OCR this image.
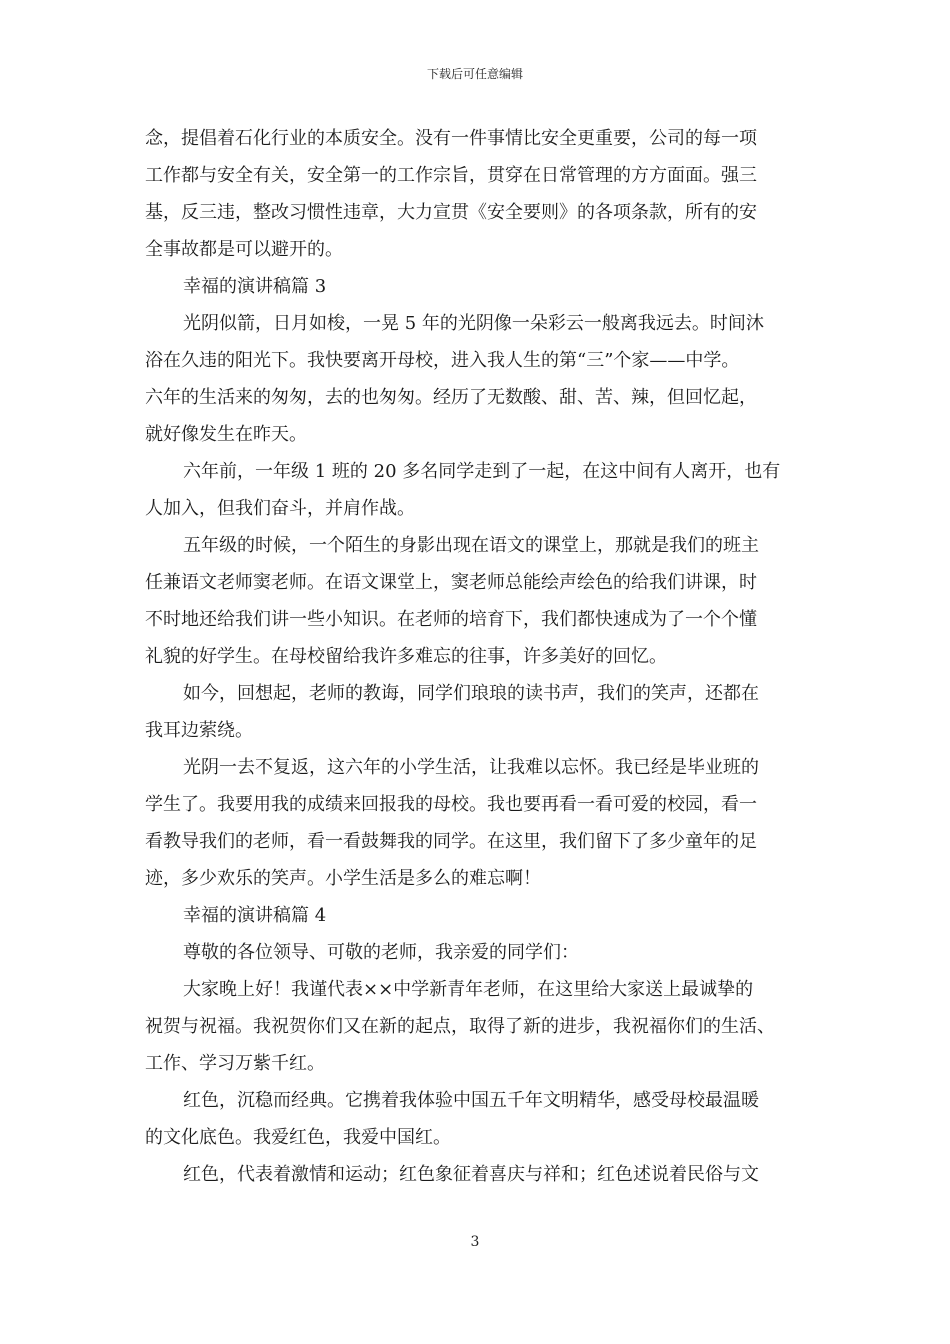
下载后可任意编辑
念，提倡着石化行业的本质安全。没有一件事情比安全更重要，公司的每一项
工作都与安全有关，安全第一的工作宗旨，贯穿在日常管理的方方面面。强三
基，反三违，整改习惯性违章，大力宣贯《安全要则》的各项条款，所有的安
全事故都是可以避开的。
幸福的演讲稿篇 3
光阴似箭，日月如梭，一晃 5 年的光阴像一朵彩云一般离我远去。时间沐
浴在久违的阳光下。我快要离开母校，进入我人生的第“三”个家——中学。
六年的生活来的匆匆，去的也匆匆。经历了无数酸、甜、苦、辣，但回忆起，
就好像发生在昨天。
六年前，一年级 1 班的 20 多名同学走到了一起，在这中间有人离开，也有
人加入，但我们奋斗，并肩作战。
五年级的时候，一个陌生的身影出现在语文的课堂上，那就是我们的班主
任兼语文老师窦老师。在语文课堂上，窦老师总能绘声绘色的给我们讲课，时
不时地还给我们讲一些小知识。在老师的培育下，我们都快速成为了一个个懂
礼貌的好学生。在母校留给我许多难忘的往事，许多美好的回忆。
如今，回想起，老师的教诲，同学们琅琅的读书声，我们的笑声，还都在
我耳边萦绕。
光阴一去不复返，这六年的小学生活，让我难以忘怀。我已经是毕业班的
学生了。我要用我的成绩来回报我的母校。我也要再看一看可爱的校园，看一
看教导我们的老师，看一看鼓舞我的同学。在这里，我们留下了多少童年的足
迹，多少欢乐的笑声。小学生活是多么的难忘啊！
幸福的演讲稿篇 4
尊敬的各位领导、可敬的老师，我亲爱的同学们：
大家晚上好！我谨代表××中学新青年老师，在这里给大家送上最诚挚的
祝贺与祝福。我祝贺你们又在新的起点，取得了新的进步，我祝福你们的生活、
工作、学习万紫千红。
红色，沉稳而经典。它携着我体验中国五千年文明精华，感受母校最温暖
的文化底色。我爱红色，我爱中国红。
红色，代表着激情和运动；红色象征着喜庆与祥和；红色述说着民俗与文
3
